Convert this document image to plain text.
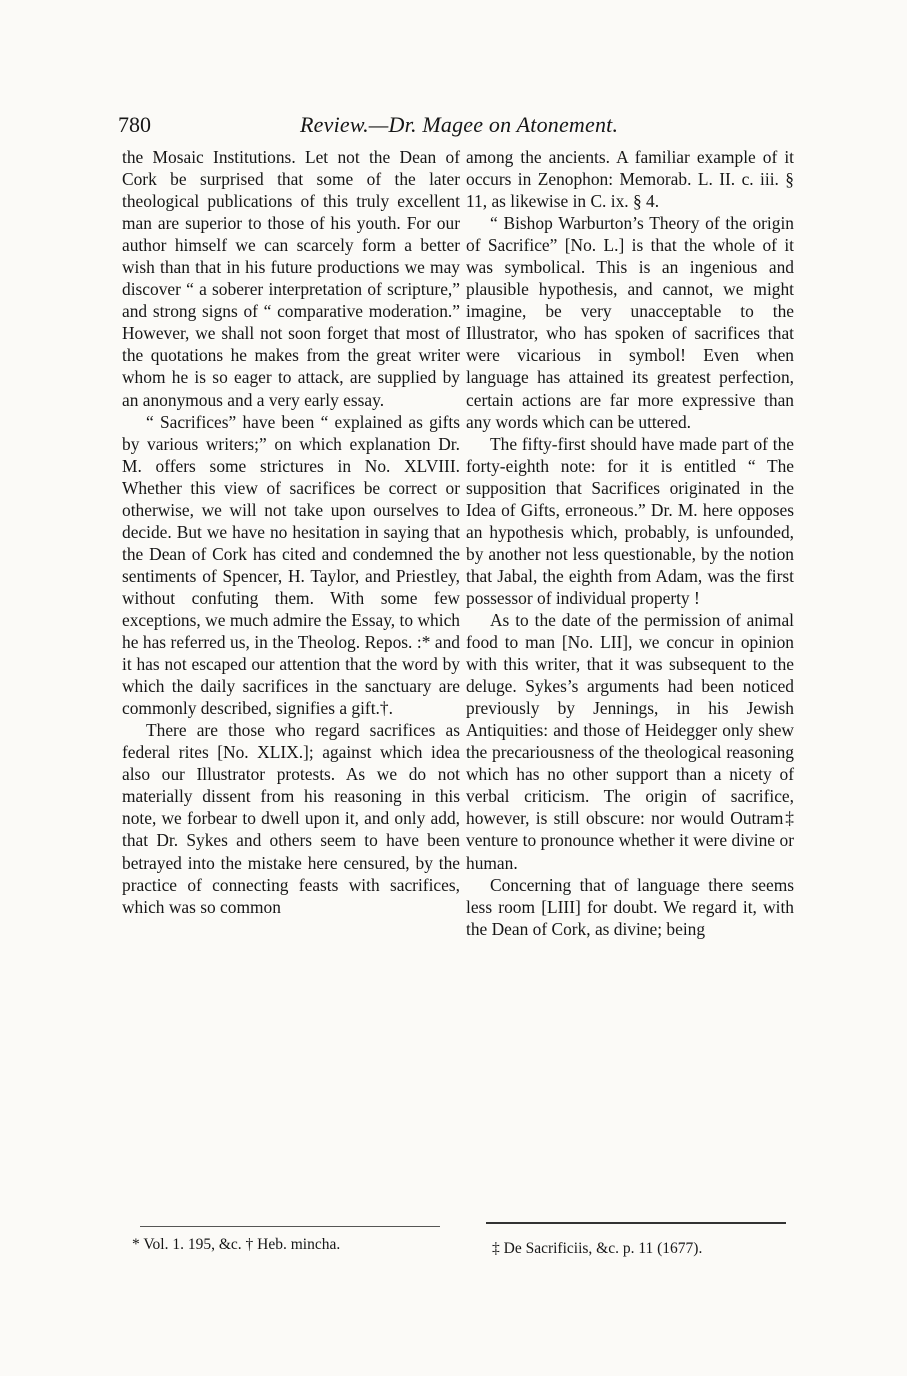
780	Review.—Dr. Magee on Atonement.

the Mosaic Institutions. Let not the Dean of Cork be surprised that some of the later theological publications of this truly excellent man are superior to those of his youth. For our author himself we can scarcely form a better wish than that in his future productions we may discover “ a soberer interpretation of scripture,” and strong signs of “ comparative moderation.” However, we shall not soon forget that most of the quotations he makes from the great writer whom he is so eager to attack, are supplied by an anonymous and a very early essay.

“ Sacrifices” have been “ explained as gifts by various writers;” on which explanation Dr. M. offers some strictures in No. XLVIII. Whether this view of sacrifices be correct or otherwise, we will not take upon ourselves to decide. But we have no hesitation in saying that the Dean of Cork has cited and condemned the sentiments of Spencer, H. Taylor, and Priestley, without confuting them. With some few exceptions, we much admire the Essay, to which he has referred us, in the Theolog. Repos. :* and it has not escaped our attention that the word by which the daily sacrifices in the sanctuary are commonly described, signifies a gift.†.

There are those who regard sacrifices as federal rites [No. XLIX.]; against which idea also our Illustrator protests. As we do not materially dissent from his reasoning in this note, we forbear to dwell upon it, and only add, that Dr. Sykes and others seem to have been betrayed into the mistake here censured, by the practice of connecting feasts with sacrifices, which was so common

among the ancients. A familiar example of it occurs in Zenophon: Memorab. L. II. c. iii. § 11, as likewise in C. ix. § 4.

“ Bishop Warburton’s Theory of the origin of Sacrifice” [No. L.] is that the whole of it was symbolical. This is an ingenious and plausible hypothesis, and cannot, we might imagine, be very unacceptable to the Illustrator, who has spoken of sacrifices that were vicarious in symbol! Even when language has attained its greatest perfection, certain actions are far more expressive than any words which can be uttered.

The fifty-first should have made part of the forty-eighth note: for it is entitled “ The supposition that Sacrifices originated in the Idea of Gifts, erroneous.” Dr. M. here opposes an hypothesis which, probably, is unfounded, by another not less questionable, by the notion that Jabal, the eighth from Adam, was the first possessor of individual property !

As to the date of the permission of animal food to man [No. LII], we concur in opinion with this writer, that it was subsequent to the deluge. Sykes’s arguments had been noticed previously by Jennings, in his Jewish Antiquities: and those of Heidegger only shew the precariousness of the theological reasoning which has no other support than a nicety of verbal criticism. The origin of sacrifice, however, is still obscure: nor would Outram‡ venture to pronounce whether it were divine or human.

Concerning that of language there seems less room [LIII] for doubt. We regard it, with the Dean of Cork, as divine; being

* Vol. 1. 195, &c. † Heb. mincha.	‡ De Sacrificiis, &c. p. 11 (1677).
